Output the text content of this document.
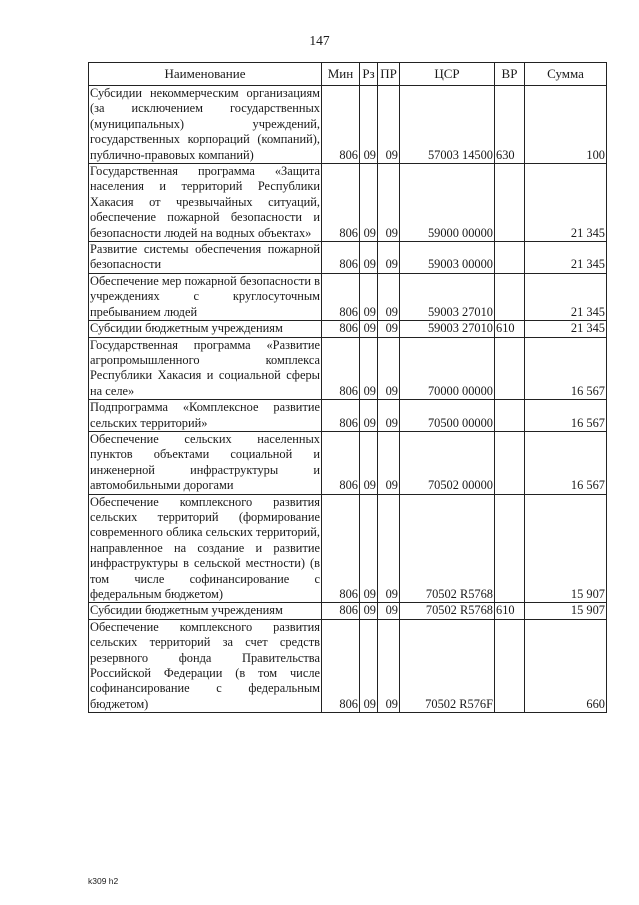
147
Наименование	Мин	Рз	ПР	ЦСР	ВР	Сумма
Субсидии некоммерческим организациям (за исключением государственных (муниципальных) учреждений, государственных корпораций (компаний), публично-правовых компаний)	806	09	09	57003 14500	630	100
Государственная программа «Защита населения и территорий Республики Хакасия от чрезвычайных ситуаций, обеспечение пожарной безопасности и безопасности людей на водных объектах»	806	09	09	59000 00000		21 345
Развитие системы обеспечения пожарной безопасности	806	09	09	59003 00000		21 345
Обеспечение мер пожарной безопасности в учреждениях с круглосуточным пребыванием людей	806	09	09	59003 27010		21 345
Субсидии бюджетным учреждениям	806	09	09	59003 27010	610	21 345
Государственная программа «Развитие агропромышленного комплекса Республики Хакасия и социальной сферы на селе»	806	09	09	70000 00000		16 567
Подпрограмма «Комплексное развитие сельских территорий»	806	09	09	70500 00000		16 567
Обеспечение сельских населенных пунктов объектами социальной и инженерной инфраструктуры и автомобильными дорогами	806	09	09	70502 00000		16 567
Обеспечение комплексного развития сельских территорий (формирование современного облика сельских территорий, направленное на создание и развитие инфраструктуры в сельской местности) (в том числе софинансирование с федеральным бюджетом)	806	09	09	70502 R5768		15 907
Субсидии бюджетным учреждениям	806	09	09	70502 R5768	610	15 907
Обеспечение комплексного развития сельских территорий за счет средств резервного фонда Правительства Российской Федерации (в том числе софинансирование с федеральным бюджетом)	806	09	09	70502 R576F		660
k309 h2
